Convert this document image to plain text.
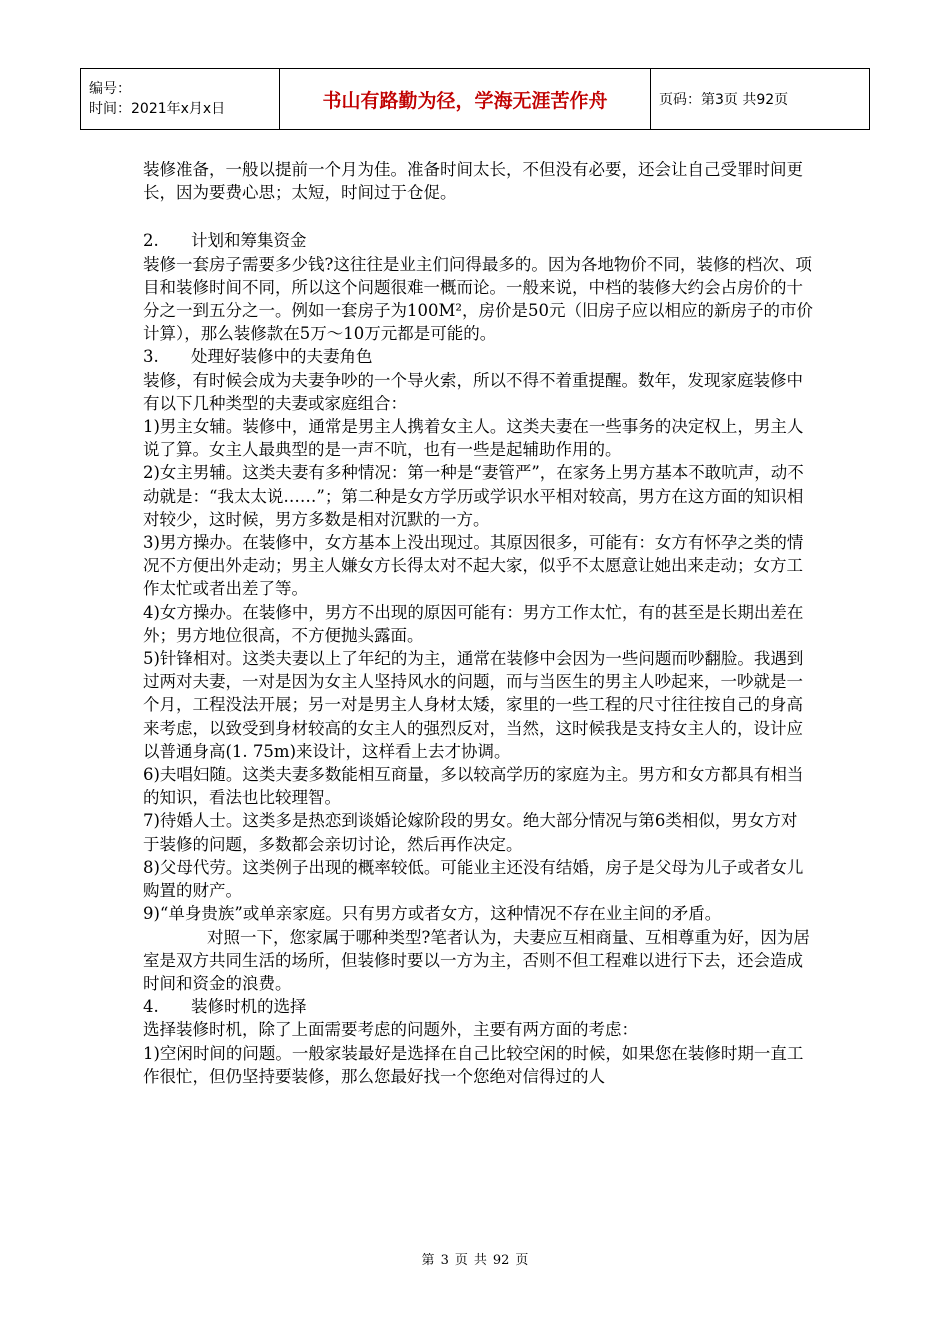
编号：
时间：2021年x月x日	书山有路勤为径，学海无涯苦作舟	页码：第3页 共92页

装修准备，一般以提前一个月为佳。准备时间太长，不但没有必要，还会让自己受罪时间更长，因为要费心思；太短，时间过于仓促。

2. 计划和筹集资金

装修一套房子需要多少钱?这往往是业主们问得最多的。因为各地物价不同，装修的档次、项目和装修时间不同，所以这个问题很难一概而论。一般来说，中档的装修大约会占房价的十分之一到五分之一。例如一套房子为100M²，房价是50元（旧房子应以相应的新房子的市价计算），那么装修款在5万～10万元都是可能的。

3. 处理好装修中的夫妻角色

装修，有时候会成为夫妻争吵的一个导火索，所以不得不着重提醒。数年，发现家庭装修中有以下几种类型的夫妻或家庭组合：

1)男主女辅。装修中，通常是男主人携着女主人。这类夫妻在一些事务的决定权上，男主人说了算。女主人最典型的是一声不吭，也有一些是起辅助作用的。

2)女主男辅。这类夫妻有多种情况：第一种是“妻管严”，在家务上男方基本不敢吭声，动不动就是：“我太太说……”；第二种是女方学历或学识水平相对较高，男方在这方面的知识相对较少，这时候，男方多数是相对沉默的一方。

3)男方操办。在装修中，女方基本上没出现过。其原因很多，可能有：女方有怀孕之类的情况不方便出外走动；男主人嫌女方长得太对不起大家，似乎不太愿意让她出来走动；女方工作太忙或者出差了等。

4)女方操办。在装修中，男方不出现的原因可能有：男方工作太忙，有的甚至是长期出差在外；男方地位很高，不方便抛头露面。

5)针锋相对。这类夫妻以上了年纪的为主，通常在装修中会因为一些问题而吵翻脸。我遇到过两对夫妻，一对是因为女主人坚持风水的问题，而与当医生的男主人吵起来，一吵就是一个月，工程没法开展；另一对是男主人身材太矮，家里的一些工程的尺寸往往按自己的身高来考虑，以致受到身材较高的女主人的强烈反对，当然，这时候我是支持女主人的，设计应以普通身高(1. 75m)来设计，这样看上去才协调。

6)夫唱妇随。这类夫妻多数能相互商量，多以较高学历的家庭为主。男方和女方都具有相当的知识，看法也比较理智。

7)待婚人士。这类多是热恋到谈婚论嫁阶段的男女。绝大部分情况与第6类相似，男女方对于装修的问题，多数都会亲切讨论，然后再作决定。

8)父母代劳。这类例子出现的概率较低。可能业主还没有结婚，房子是父母为儿子或者女儿购置的财产。

9)“单身贵族”或单亲家庭。只有男方或者女方，这种情况不存在业主间的矛盾。

对照一下，您家属于哪种类型?笔者认为，夫妻应互相商量、互相尊重为好，因为居室是双方共同生活的场所，但装修时要以一方为主，否则不但工程难以进行下去，还会造成时间和资金的浪费。

4. 装修时机的选择

选择装修时机，除了上面需要考虑的问题外，主要有两方面的考虑：

1)空闲时间的问题。一般家装最好是选择在自己比较空闲的时候，如果您在装修时期一直工作很忙，但仍坚持要装修，那么您最好找一个您绝对信得过的人

第 3 页 共 92 页
